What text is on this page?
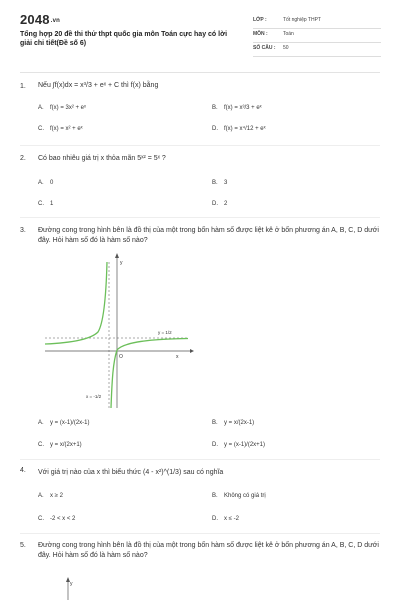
2048.vn
Tổng hợp 20 đề thi thử thpt quốc gia môn Toán cực hay có lời giải chi tiết(Đề số 6)
LỚP :	Tốt nghiệp THPT
MÔN :	Toán
SỐ CÂU : 50
1. Nếu ∫f(x)dx = x³/3 + eˣ + C thì f(x) bằng
A. f(x) = 3x² + eˣ	B. f(x) = x³/3 + eˣ
C. f(x) = x² + eˣ	D. f(x) = x⁴/12 + eˣ
2. Có bao nhiêu giá trị x thỏa mãn 5ˣ² = 5ˣ ?
A. 0	B. 3
C. 1	D. 2
3. Đường cong trong hình bên là đồ thị của một trong bốn hàm số được liệt kê ở bốn phương án A, B, C, D dưới đây. Hỏi hàm số đó là hàm số nào?
y
x
O
y = 1/2
x = -1/2
A. y = (x-1)/(2x-1)	B. y = x/(2x-1)
C. y = x/(2x+1)	D. y = (x-1)/(2x+1)
4. Với giá trị nào của x thì biểu thức (4 - x²)^(1/3) sau có nghĩa
A. x ≥ 2	B. Không có giá trị
C. -2 < x < 2	D. x ≤ -2
5. Đường cong trong hình bên là đồ thị của một trong bốn hàm số được liệt kê ở bốn phương án A, B, C, D dưới đây. Hỏi hàm số đó là hàm số nào?
y
